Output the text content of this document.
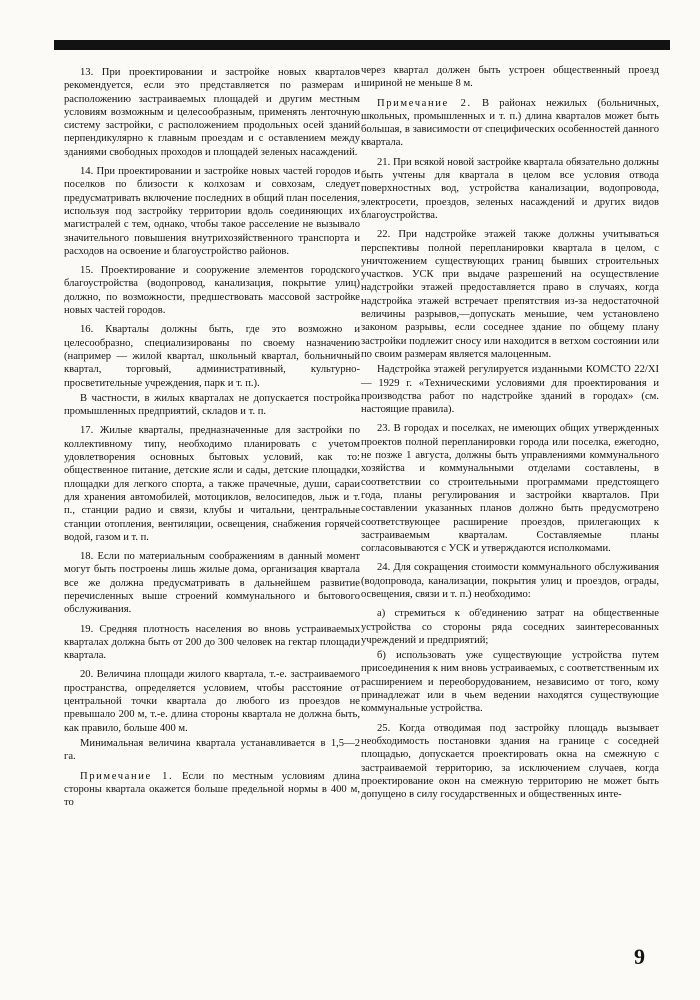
13. При проектировании и застройке новых кварталов рекомендуется, если это представляется по размерам и расположению застраиваемых площадей и другим местным условиям возможным и целесообразным, применять ленточную систему застройки, с расположением продольных осей зданий перпендикулярно к главным проездам и с оставлением между зданиями свободных проходов и площадей зеленых насаждений.

14. При проектировании и застройке новых частей городов и поселков по близости к колхозам и совхозам, следует предусматривать включение последних в общий план поселения, используя под застройку территории вдоль соединяющих их магистралей с тем, однако, чтобы такое расселение не вызывало значительного повышения внутрихозяйственного транспорта и расходов на освоение и благоустройство районов.

15. Проектирование и сооружение элементов городского благоустройства (водопровод, канализация, покрытие улиц) должно, по возможности, предшествовать массовой застройке новых частей городов.

16. Кварталы должны быть, где это возможно и целесообразно, специализированы по своему назначению (например — жилой квартал, школьный квартал, больничный квартал, торговый, административный, культурно-просветительные учреждения, парк и т. п.).

В частности, в жилых кварталах не допускается постройка промышленных предприятий, складов и т. п.

17. Жилые кварталы, предназначенные для застройки по коллективному типу, необходимо планировать с учетом удовлетворения основных бытовых условий, как то: общественное питание, детские ясли и сады, детские площадки, площадки для легкого спорта, а также прачечные, души, сараи для хранения автомобилей, мотоциклов, велосипедов, лыж и т. п., станции радио и связи, клубы и читальни, центральные станции отопления, вентиляции, освещения, снабжения горячей водой, газом и т. п.

18. Если по материальным соображениям в данный момент могут быть построены лишь жилые дома, организация квартала все же должна предусматривать в дальнейшем развитие перечисленных выше строений коммунального и бытового обслуживания.

19. Средняя плотность населения во вновь устраиваемых кварталах должна быть от 200 до 300 человек на гектар площади квартала.

20. Величина площади жилого квартала, т.-е. застраиваемого пространства, определяется условием, чтобы расстояние от центральной точки квартала до любого из проездов не превышало 200 м, т.-е. длина стороны квартала не должна быть, как правило, больше 400 м.

Минимальная величина квартала устанавливается в 1,5—2 га.

Примечание 1. Если по местным условиям длина стороны квартала окажется больше предельной нормы в 400 м, то

через квартал должен быть устроен общественный проезд шириной не меньше 8 м.

Примечание 2. В районах нежилых (больничных, школьных, промышленных и т. п.) длина кварталов может быть большая, в зависимости от специфических особенностей данного квартала.

21. При всякой новой застройке квартала обязательно должны быть учтены для квартала в целом все условия отвода поверхностных вод, устройства канализации, водопровода, электросети, проездов, зеленых насаждений и других видов благоустройства.

22. При надстройке этажей также должны учитываться перспективы полной перепланировки квартала в целом, с уничтожением существующих границ бывших строительных участков. УСК при выдаче разрешений на осуществление надстройки этажей предоставляется право в случаях, когда надстройка этажей встречает препятствия из-за недостаточной величины разрывов,—допускать меньшие, чем установлено законом разрывы, если соседнее здание по общему плану застройки подлежит сносу или находится в ветхом состоянии или по своим размерам является малоценным.

Надстройка этажей регулируется изданными КОМСТО 22/XI — 1929 г. «Техническими условиями для проектирования и производства работ по надстройке зданий в городах» (см. настоящие правила).

23. В городах и поселках, не имеющих общих утвержденных проектов полной перепланировки города или поселка, ежегодно, не позже 1 августа, должны быть управлениями коммунального хозяйства и коммунальными отделами составлены, в соответствии со строительными программами предстоящего года, планы регулирования и застройки кварталов. При составлении указанных планов должно быть предусмотрено соответствующее расширение проездов, прилегающих к застраиваемым кварталам. Составляемые планы согласовываются с УСК и утверждаются исполкомами.

24. Для сокращения стоимости коммунального обслуживания (водопровода, канализации, покрытия улиц и проездов, ограды, освещения, связи и т. п.) необходимо:

а) стремиться к об'единению затрат на общественные устройства со стороны ряда соседних заинтересованных учреждений и предприятий;

б) использовать уже существующие устройства путем присоединения к ним вновь устраиваемых, с соответственным их расширением и переоборудованием, независимо от того, кому принадлежат или в чьем ведении находятся существующие коммунальные устройства.

25. Когда отводимая под застройку площадь вызывает необходимость постановки здания на границе с соседней площадью, допускается проектировать окна на смежную с застраиваемой территорию, за исключением случаев, когда проектирование окон на смежную территорию не может быть допущено в силу государственных и общественных инте-

9
